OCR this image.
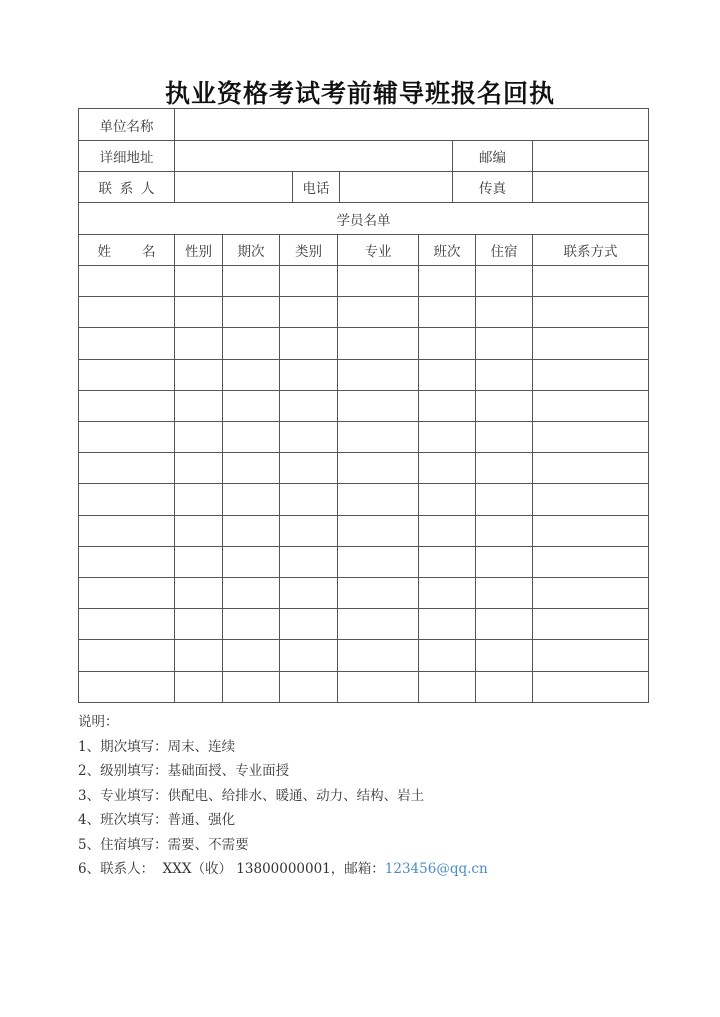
执业资格考试考前辅导班报名回执
单位名称
详细地址	邮编
联 系 人	电话	传真
学员名单
姓 名	性别	期次	类别	专业	班次	住宿	联系方式
说明：
1、期次填写：周末、连续
2、级别填写：基础面授、专业面授
3、专业填写：供配电、给排水、暖通、动力、结构、岩土
4、班次填写：普通、强化
5、住宿填写：需要、不需要
6、联系人：  XXX（收） 13800000001，邮箱：123456@qq.cn
